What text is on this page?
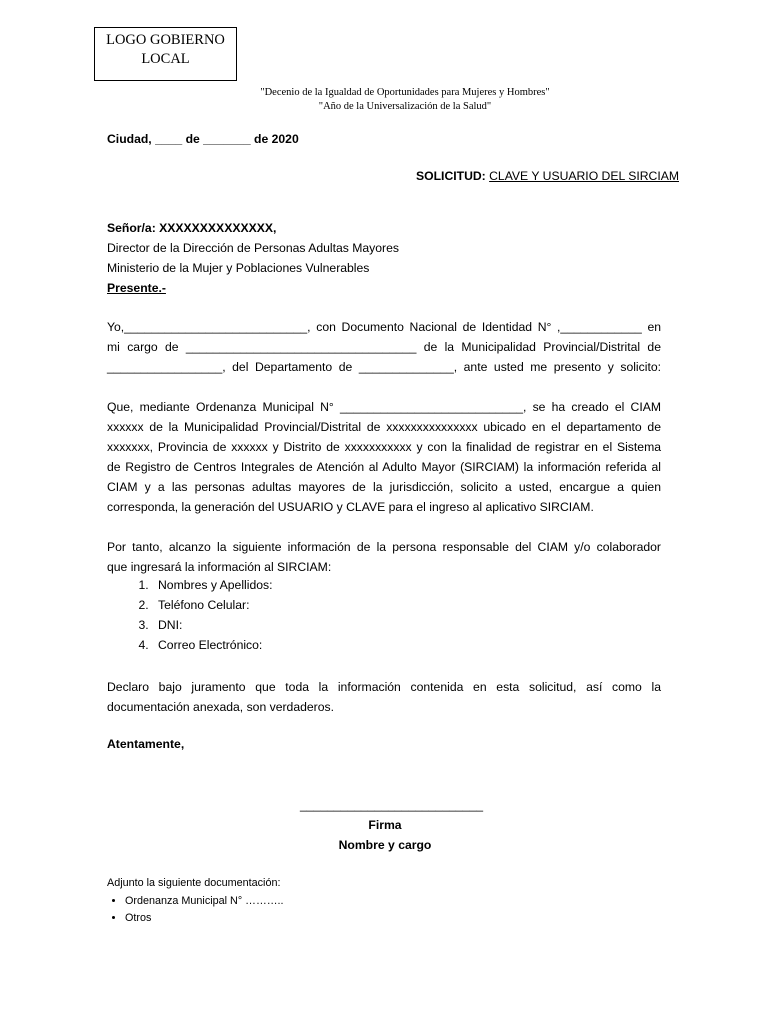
LOGO GOBIERNO
LOCAL
"Decenio de la Igualdad de Oportunidades para Mujeres y Hombres"
"Año de la Universalización de la Salud"
Ciudad, ____ de _______ de 2020
SOLICITUD: CLAVE Y USUARIO DEL SIRCIAM
Señor/a: XXXXXXXXXXXXXX,
Director de la Dirección de Personas Adultas Mayores
Ministerio de la Mujer y Poblaciones Vulnerables
Presente.-
Yo,___________________________, con Documento Nacional de Identidad N° ,____________ en
mi cargo de __________________________________ de la Municipalidad Provincial/Distrital de
_________________, del Departamento de ______________, ante usted me presento y solicito:
Que, mediante Ordenanza Municipal N° ___________________________, se ha creado el CIAM
xxxxxx de la Municipalidad Provincial/Distrital de xxxxxxxxxxxxxxx ubicado en el departamento de
xxxxxxx, Provincia de xxxxxx y Distrito de xxxxxxxxxxx y con la finalidad de registrar en el Sistema
de Registro de Centros Integrales de Atención al Adulto Mayor (SIRCIAM) la información referida al
CIAM y a las personas adultas mayores de la jurisdicción, solicito a usted, encargue a quien
corresponda, la generación del USUARIO y CLAVE para el ingreso al aplicativo SIRCIAM.
Por tanto, alcanzo la siguiente información de la persona responsable del CIAM y/o colaborador
que ingresará la información al SIRCIAM:
1. Nombres y Apellidos:
2. Teléfono Celular:
3. DNI:
4. Correo Electrónico:
Declaro bajo juramento que toda la información contenida en esta solicitud, así como la
documentación anexada, son verdaderos.
Atentamente,
___________________________
Firma
Nombre y cargo
Adjunto la siguiente documentación:
• Ordenanza Municipal N° ………..
• Otros
